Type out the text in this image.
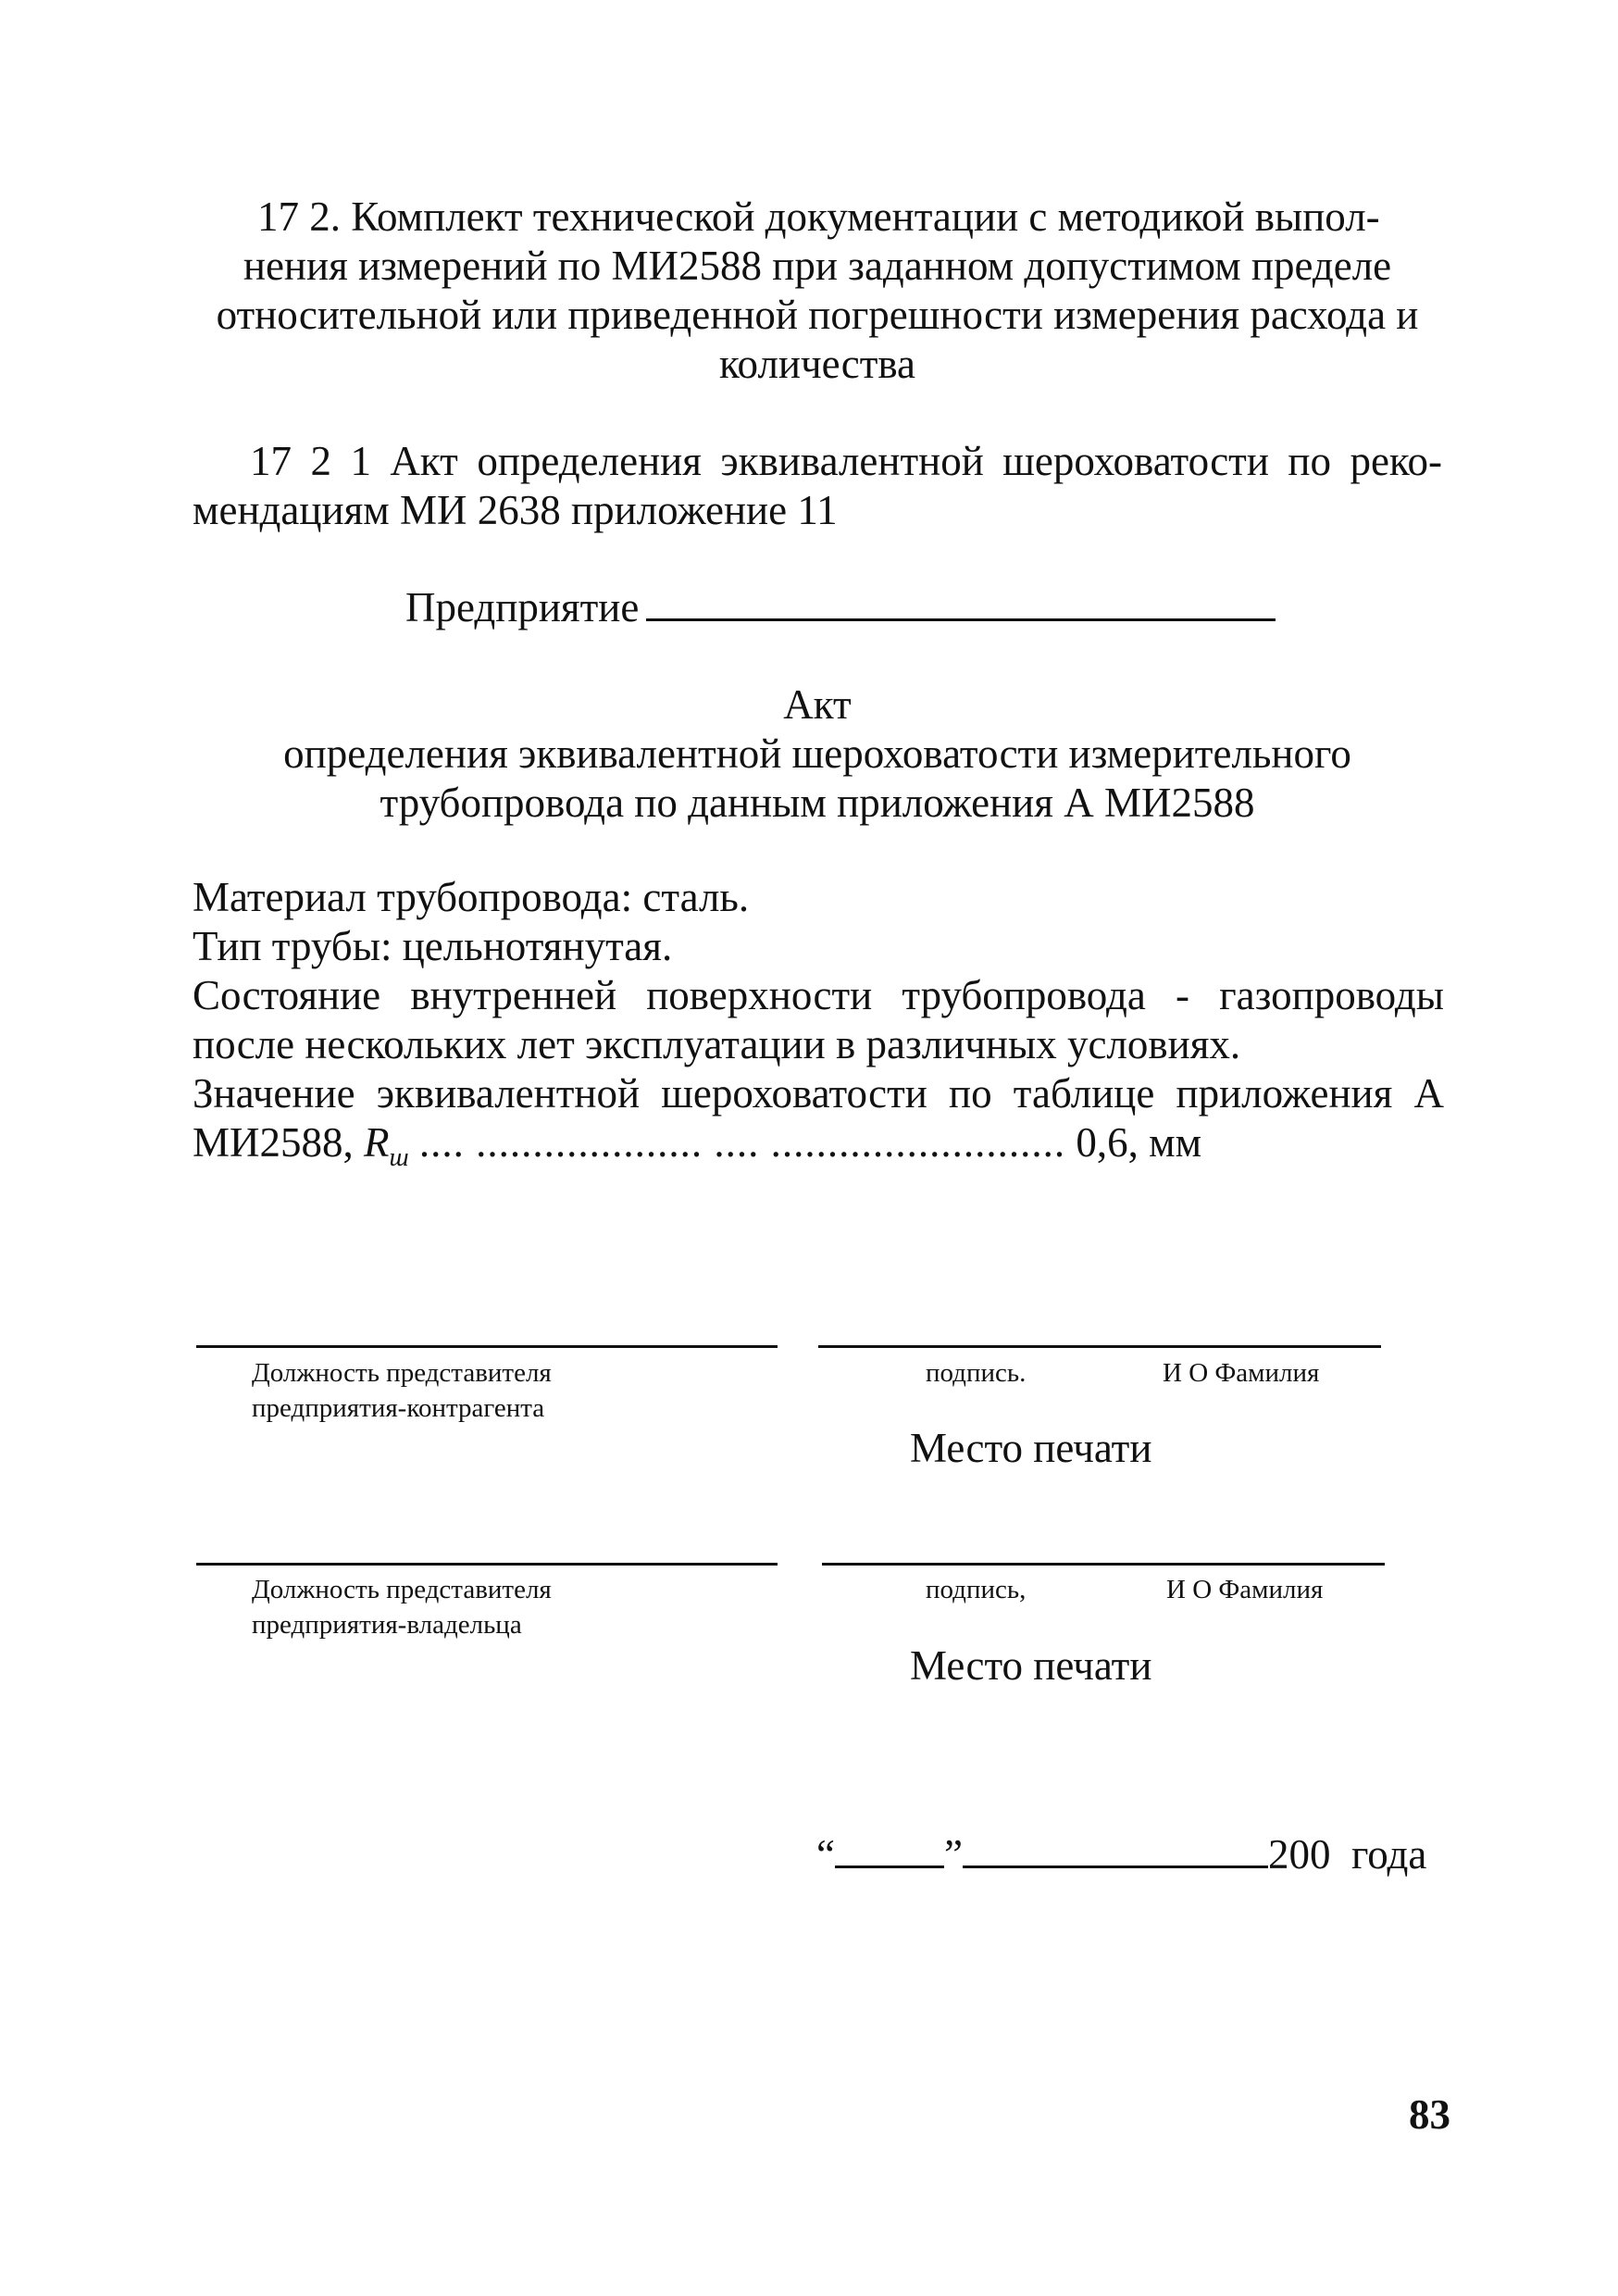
17 2. Комплект технической документации с методикой выпол-
нения измерений по МИ2588 при заданном допустимом пределе
относительной или приведенной погрешности измерения расхода и
количества
17 2 1 Акт определения эквивалентной шероховатости по реко-
мендациям МИ 2638 приложение 11
Предприятие
Акт
определения эквивалентной шероховатости измерительного
трубопровода по данным приложения А МИ2588
Материал трубопровода: сталь.
Тип трубы: цельнотянутая.
Состояние внутренней поверхности трубопровода - газопроводы
после нескольких лет эксплуатации в различных условиях.
Значение эквивалентной шероховатости по таблице приложения А
МИ2588, $R_ш$ .... .................... .... .......................... 0,6, мм
Должность представителя
предприятия-контрагента
подпись.	И О Фамилия
Место печати
Должность представителя
предприятия-владельца
подпись,	И О Фамилия
Место печати
“	”	200  года
83
